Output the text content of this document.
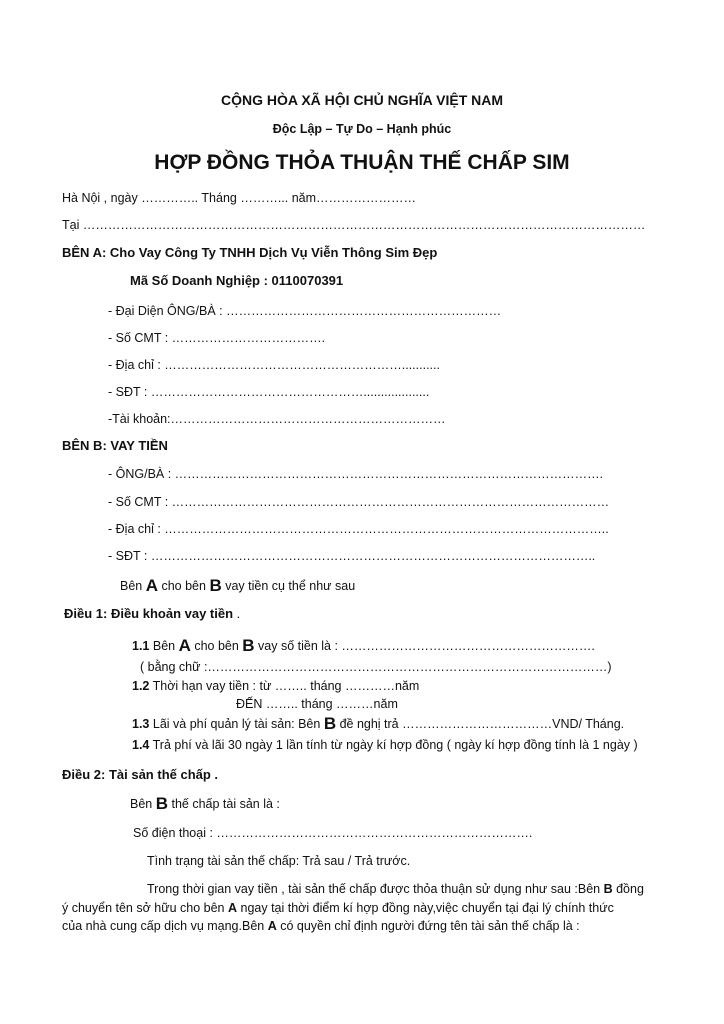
CỘNG HÒA XÃ HỘI CHỦ NGHĨA VIỆT NAM
Độc Lập – Tự Do – Hạnh phúc
HỢP ĐỒNG THỎA THUẬN THẾ CHẤP SIM
Hà Nội , ngày ………….. Tháng ………... năm……………………
Tại ………………………………………………………………………………………………………………………
BÊN A: Cho Vay Công Ty TNHH Dịch Vụ Viễn Thông Sim Đẹp
Mã Số Doanh Nghiệp : 0110070391
- Đại Diện ÔNG/BÀ : …………………………………………………………
- Số CMT : ……………………………….
- Địa chỉ : …………………………………………………...........
- SĐT : ……………………………………………...................
-Tài khoản:…………………………………………………………
BÊN B: VAY TIỀN
- ÔNG/BÀ : ………………………………………………………………………………………….
- Số CMT : ……………………………………………………………………………………………
- Địa chỉ : ……………………………………………………………………………………………..
- SĐT : ……………………………………………………………………………………………..
Bên A cho bên B vay tiền cụ thể như sau
Điều 1: Điều khoản vay tiền .
1.1 Bên A cho bên B vay số tiền là : …………………………………………………….
( bằng chữ :……………………………………………………………………………………)
1.2 Thời hạn vay tiền : từ …….. tháng …………năm
ĐẾN …….. tháng ………năm
1.3 Lãi và phí quản lý tài sản: Bên B đề nghị trả ………………………………VND/ Tháng.
1.4 Trả phí và lãi 30 ngày 1 lần tính từ ngày kí hợp đồng ( ngày kí hợp đồng tính là 1 ngày )
Điều 2: Tài sản thế chấp .
Bên B thế chấp tài sản là :
Số điện thoại : ………………………………………………………………….
Tình trạng tài sản thế chấp: Trả sau / Trả trước.
Trong thời gian vay tiền , tài sản thế chấp được thỏa thuận sử dụng như sau :Bên B đồng
ý chuyển tên sở hữu cho bên A ngay tại thời điểm kí hợp đồng này,việc chuyển tại đại lý chính thức
của nhà cung cấp dịch vụ mạng.Bên A có quyền chỉ định người đứng tên tài sản thế chấp là :
